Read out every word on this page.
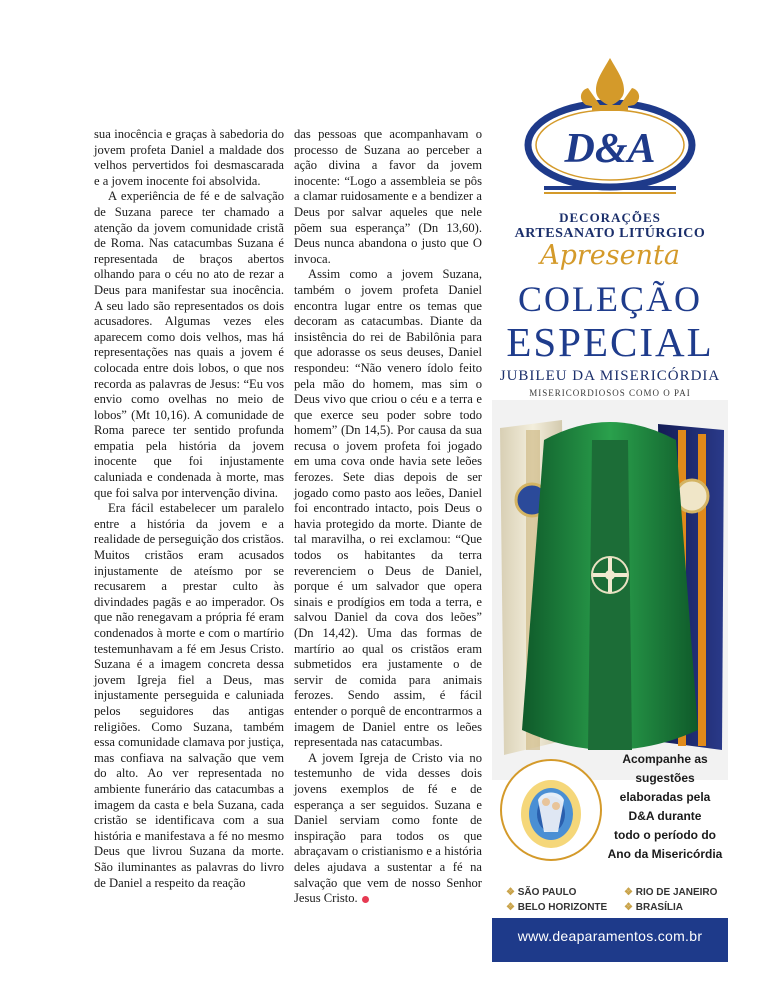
sua inocência e graças à sabedoria do jovem profeta Daniel a maldade dos velhos pervertidos foi desmascarada e a jovem inocente foi absolvida.

A experiência de fé e de salvação de Suzana parece ter chamado a atenção da jovem comunidade cristã de Roma. Nas catacumbas Suzana é representada de braços abertos olhando para o céu no ato de rezar a Deus para manifestar sua inocência. A seu lado são representados os dois acusadores. Algumas vezes eles aparecem como dois velhos, mas há representações nas quais a jovem é colocada entre dois lobos, o que nos recorda as palavras de Jesus: “Eu vos envio como ovelhas no meio de lobos” (Mt 10,16). A comunidade de Roma parece ter sentido profunda empatia pela história da jovem inocente que foi injustamente caluniada e condenada à morte, mas que foi salva por intervenção divina.

Era fácil estabelecer um paralelo entre a história da jovem e a realidade de perseguição dos cristãos. Muitos cristãos eram acusados injustamente de ateísmo por se recusarem a prestar culto às divindades pagãs e ao imperador. Os que não renegavam a própria fé eram condenados à morte e com o martírio testemunhavam a fé em Jesus Cristo. Suzana é a imagem concreta dessa jovem Igreja fiel a Deus, mas injustamente perseguida e caluniada pelos seguidores das antigas religiões. Como Suzana, também essa comunidade clamava por justiça, mas confiava na salvação que vem do alto. Ao ver representada no ambiente funerário das catacumbas a imagem da casta e bela Suzana, cada cristão se identificava com a sua história e manifestava a fé no mesmo Deus que livrou Suzana da morte. São iluminantes as palavras do livro de Daniel a respeito da reação

das pessoas que acompanhavam o processo de Suzana ao perceber a ação divina a favor da jovem inocente: “Logo a assembleia se pôs a clamar ruidosamente e a bendizer a Deus por salvar aqueles que nele põem sua esperança” (Dn 13,60). Deus nunca abandona o justo que O invoca.

Assim como a jovem Suzana, também o jovem profeta Daniel encontra lugar entre os temas que decoram as catacumbas. Diante da insistência do rei de Babilônia para que adorasse os seus deuses, Daniel respondeu: “Não venero ídolo feito pela mão do homem, mas sim o Deus vivo que criou o céu e a terra e que exerce seu poder sobre todo homem” (Dn 14,5). Por causa da sua recusa o jovem profeta foi jogado em uma cova onde havia sete leões ferozes. Sete dias depois de ser jogado como pasto aos leões, Daniel foi encontrado intacto, pois Deus o havia protegido da morte. Diante de tal maravilha, o rei exclamou: “Que todos os habitantes da terra reverenciem o Deus de Daniel, porque é um salvador que opera sinais e prodígios em toda a terra, e salvou Daniel da cova dos leões” (Dn 14,42). Uma das formas de martírio ao qual os cristãos eram submetidos era justamente o de servir de comida para animais ferozes. Sendo assim, é fácil entender o porquê de encontrarmos a imagem de Daniel entre os leões representada nas catacumbas.

A jovem Igreja de Cristo via no testemunho de vida desses dois jovens exemplos de fé e de esperança a ser seguidos. Suzana e Daniel serviam como fonte de inspiração para todos os que abraçavam o cristianismo e a história deles ajudava a sustentar a fé na salvação que vem de nosso Senhor Jesus Cristo.

D&A
DECORAÇÕES
ARTESANATO LITÚRGICO
Apresenta
COLEÇÃO
ESPECIAL
JUBILEU DA MISERICÓRDIA
MISERICORDIOSOS COMO O PAI
Acompanhe as
sugestões
elaboradas pela
D&A durante
todo o período do
Ano da Misericórdia
❖ SÃO PAULO	❖ RIO DE JANEIRO
❖ BELO HORIZONTE	❖ BRASÍLIA
www.deaparamentos.com.br
